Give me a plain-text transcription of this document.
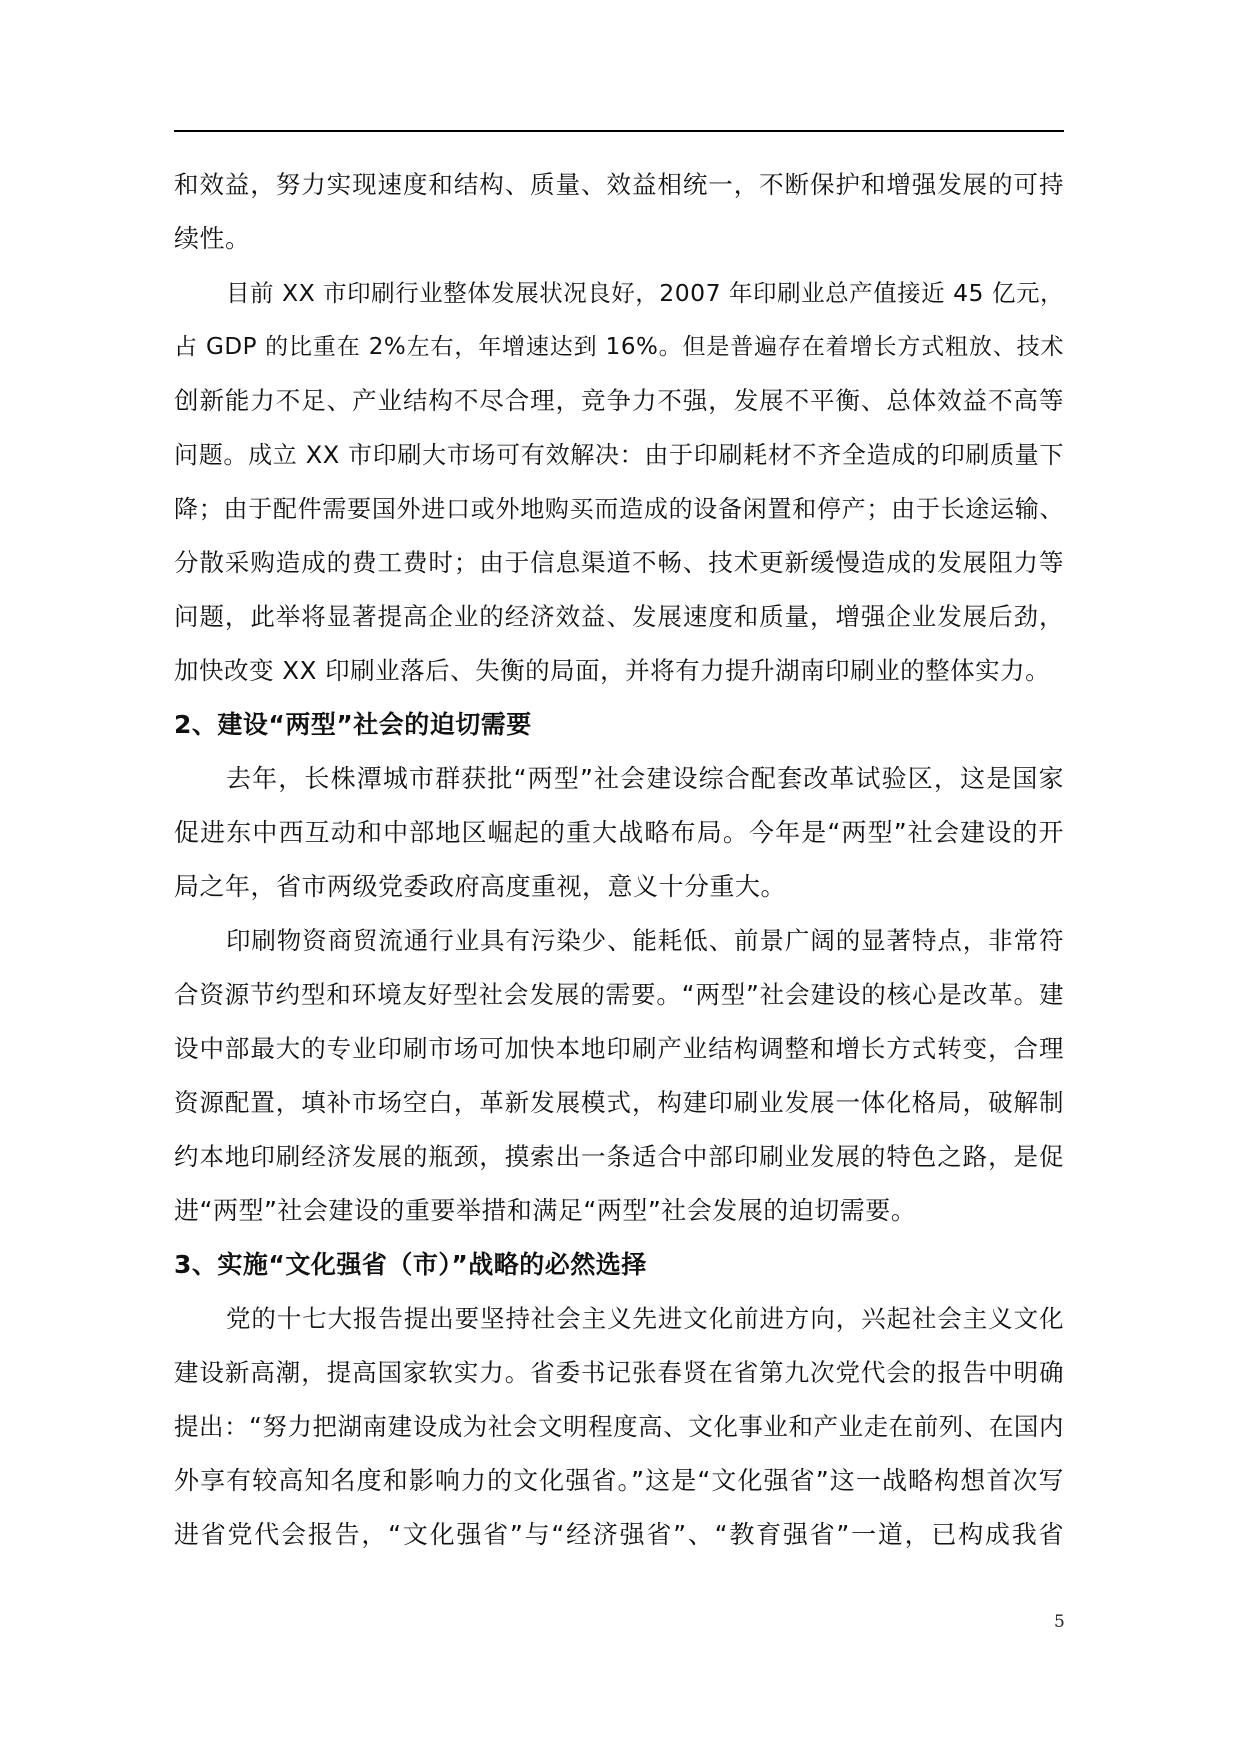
和效益，努力实现速度和结构、质量、效益相统一，不断保护和增强发展的可持
续性。
目前 XX 市印刷行业整体发展状况良好，2007 年印刷业总产值接近 45 亿元，
占 GDP 的比重在 2%左右，年增速达到 16%。但是普遍存在着增长方式粗放、技术
创新能力不足、产业结构不尽合理，竞争力不强，发展不平衡、总体效益不高等
问题。成立 XX 市印刷大市场可有效解决：由于印刷耗材不齐全造成的印刷质量下
降；由于配件需要国外进口或外地购买而造成的设备闲置和停产；由于长途运输、
分散采购造成的费工费时；由于信息渠道不畅、技术更新缓慢造成的发展阻力等
问题，此举将显著提高企业的经济效益、发展速度和质量，增强企业发展后劲，
加快改变 XX 印刷业落后、失衡的局面，并将有力提升湖南印刷业的整体实力。
2、建设“两型”社会的迫切需要
去年，长株潭城市群获批“两型”社会建设综合配套改革试验区，这是国家
促进东中西互动和中部地区崛起的重大战略布局。今年是“两型”社会建设的开
局之年，省市两级党委政府高度重视，意义十分重大。
印刷物资商贸流通行业具有污染少、能耗低、前景广阔的显著特点，非常符
合资源节约型和环境友好型社会发展的需要。“两型”社会建设的核心是改革。建
设中部最大的专业印刷市场可加快本地印刷产业结构调整和增长方式转变，合理
资源配置，填补市场空白，革新发展模式，构建印刷业发展一体化格局，破解制
约本地印刷经济发展的瓶颈，摸索出一条适合中部印刷业发展的特色之路，是促
进“两型”社会建设的重要举措和满足“两型”社会发展的迫切需要。
3、实施“文化强省（市）”战略的必然选择
党的十七大报告提出要坚持社会主义先进文化前进方向，兴起社会主义文化
建设新高潮，提高国家软实力。省委书记张春贤在省第九次党代会的报告中明确
提出：“努力把湖南建设成为社会文明程度高、文化事业和产业走在前列、在国内
外享有较高知名度和影响力的文化强省。”这是“文化强省”这一战略构想首次写
进省党代会报告，“文化强省”与“经济强省”、“教育强省”一道，已构成我省
5
